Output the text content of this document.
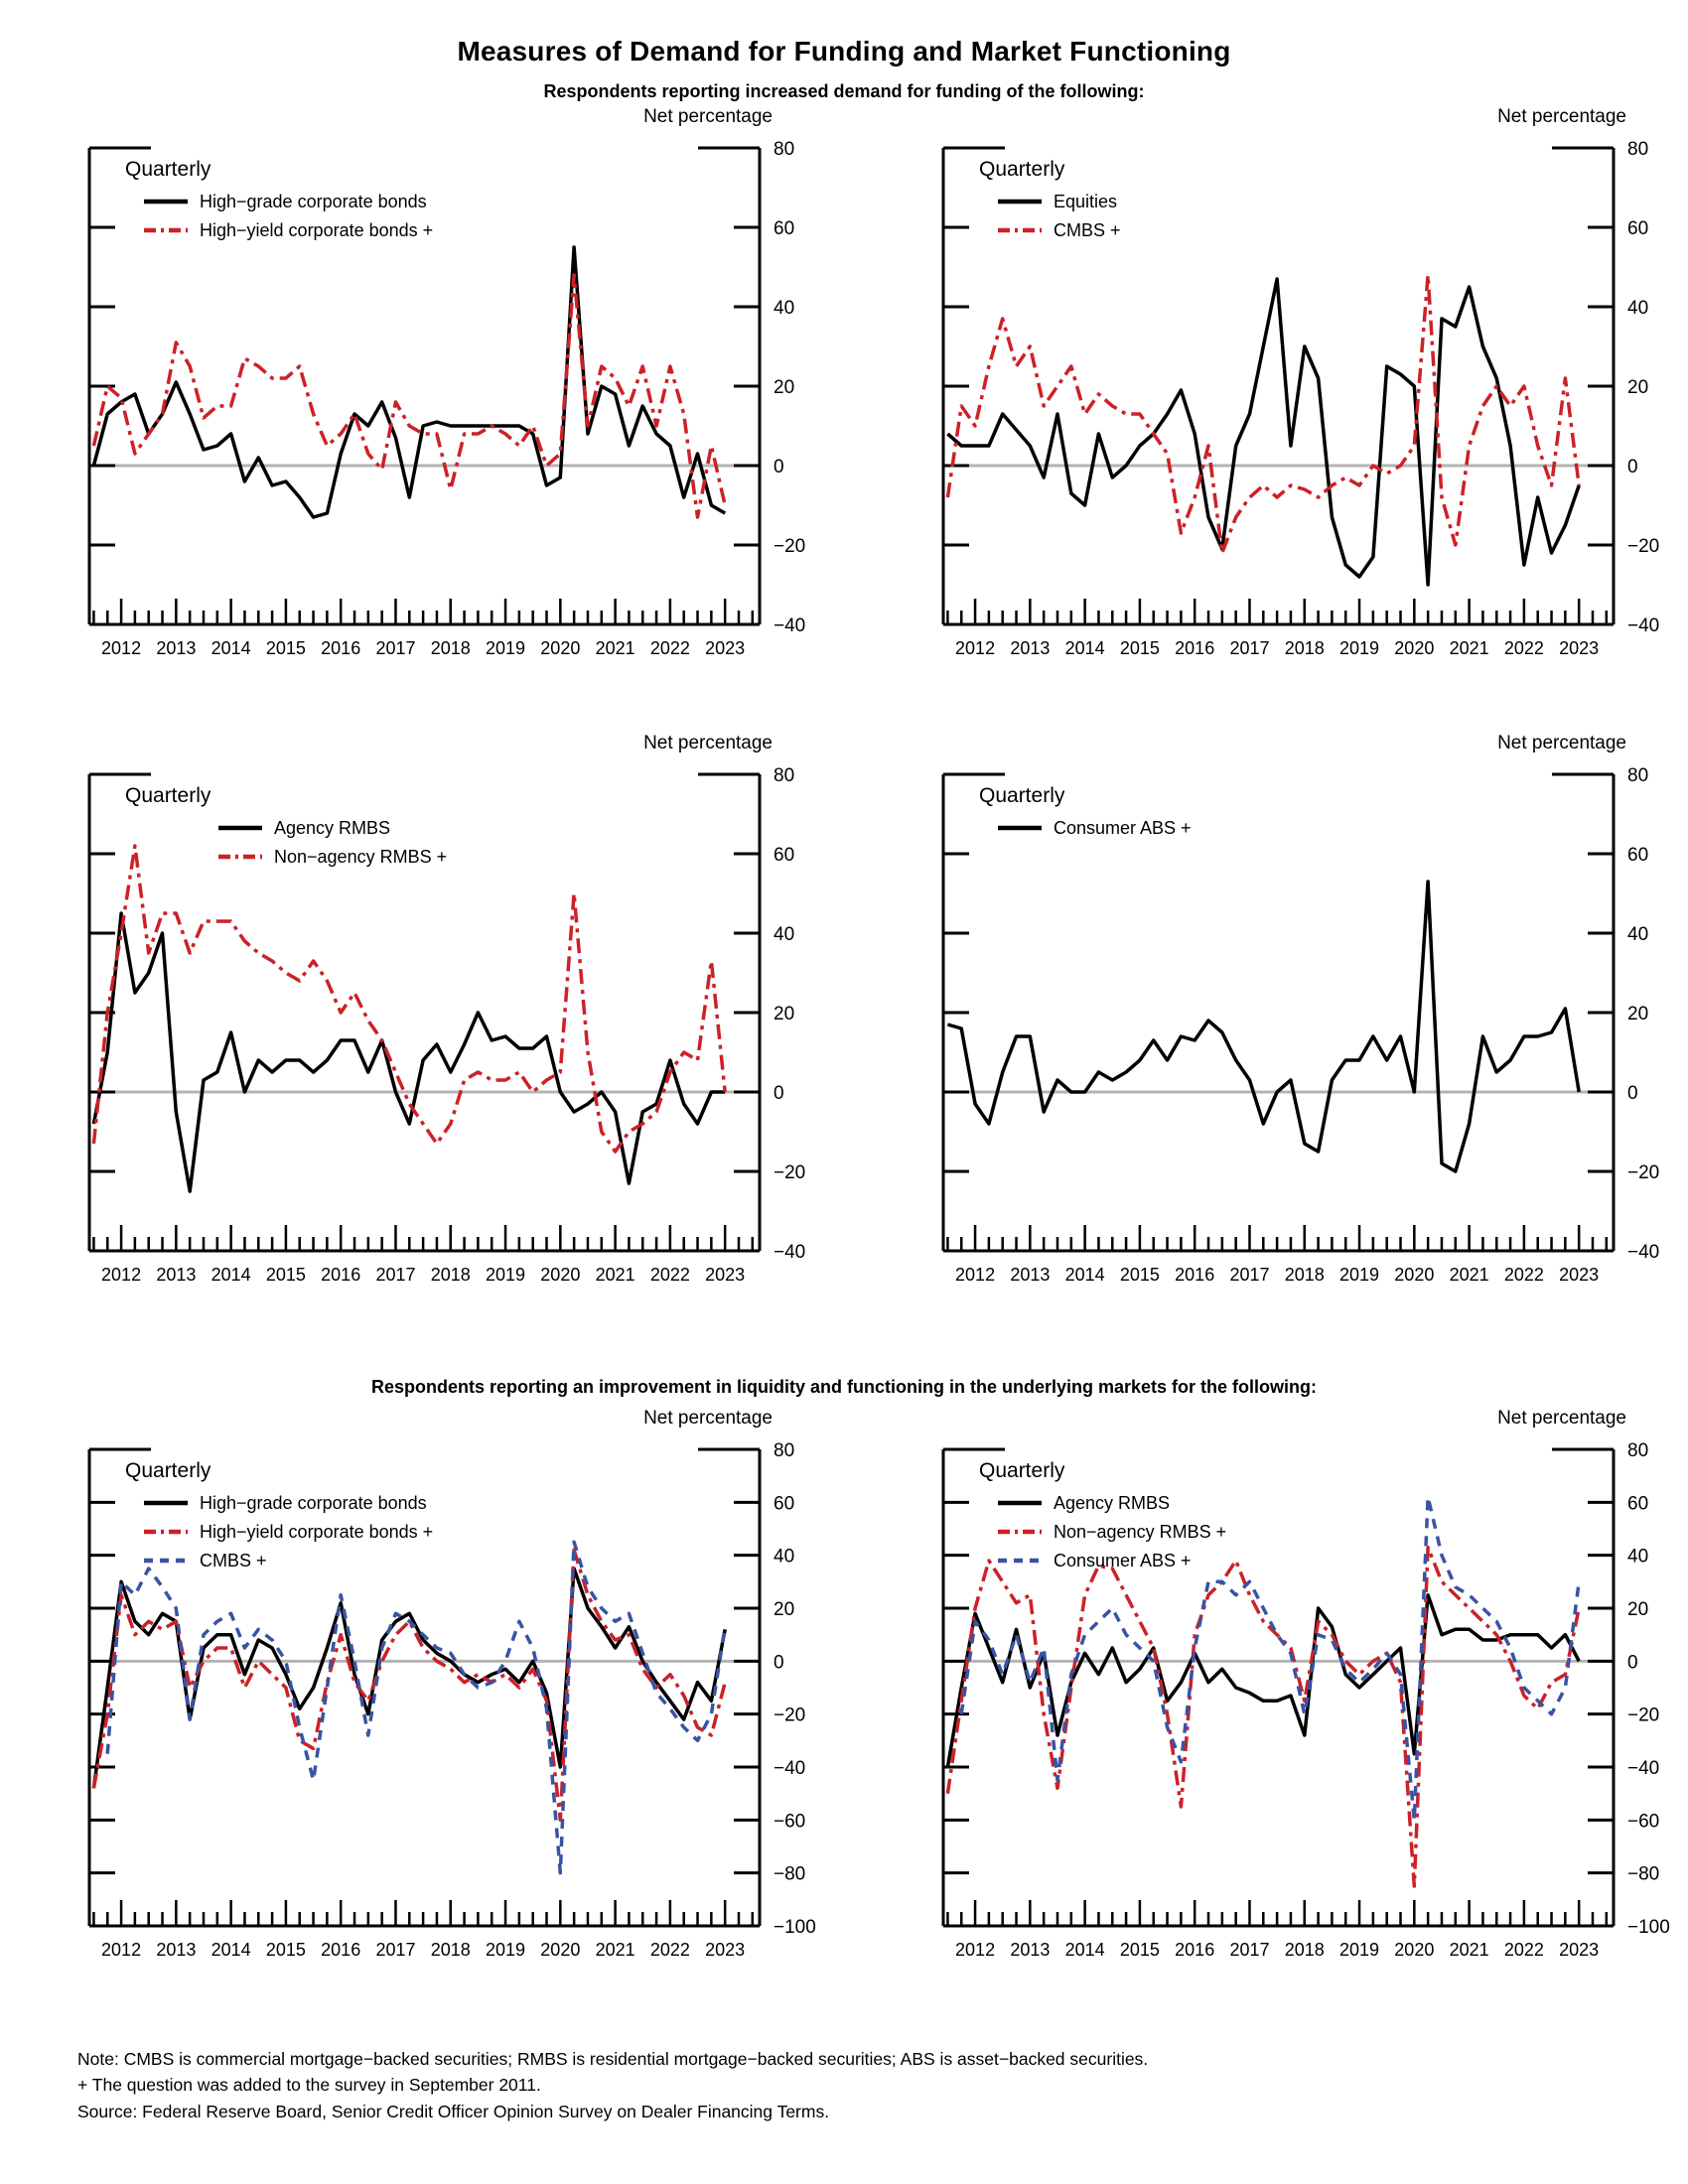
Measures of Demand for Funding and Market Functioning
Respondents reporting increased demand for funding of the following:
Net percentage
80
60
40
20
0
−20
−40
2012 2013 2014 2015 2016 2017 2018 2019 2020 2021 2022 2023
Quarterly
High−grade corporate bonds
High−yield corporate bonds +
Net percentage
80
60
40
20
0
−20
−40
2012 2013 2014 2015 2016 2017 2018 2019 2020 2021 2022 2023
Quarterly
Equities
CMBS +
Net percentage
80
60
40
20
0
−20
−40
2012 2013 2014 2015 2016 2017 2018 2019 2020 2021 2022 2023
Quarterly
Agency RMBS
Non−agency RMBS +
Net percentage
80
60
40
20
0
−20
−40
2012 2013 2014 2015 2016 2017 2018 2019 2020 2021 2022 2023
Quarterly
Consumer ABS +
Respondents reporting an improvement in liquidity and functioning in the underlying markets for the following:
Net percentage
80
60
40
20
0
−20
−40
−60
−80
−100
2012 2013 2014 2015 2016 2017 2018 2019 2020 2021 2022 2023
Quarterly
High−grade corporate bonds
High−yield corporate bonds +
CMBS +
Net percentage
80
60
40
20
0
−20
−40
−60
−80
−100
2012 2013 2014 2015 2016 2017 2018 2019 2020 2021 2022 2023
Quarterly
Agency RMBS
Non−agency RMBS +
Consumer ABS +
Note: CMBS is commercial mortgage−backed securities; RMBS is residential mortgage−backed securities; ABS is asset−backed securities.
+ The question was added to the survey in September 2011.
Source: Federal Reserve Board, Senior Credit Officer Opinion Survey on Dealer Financing Terms.
